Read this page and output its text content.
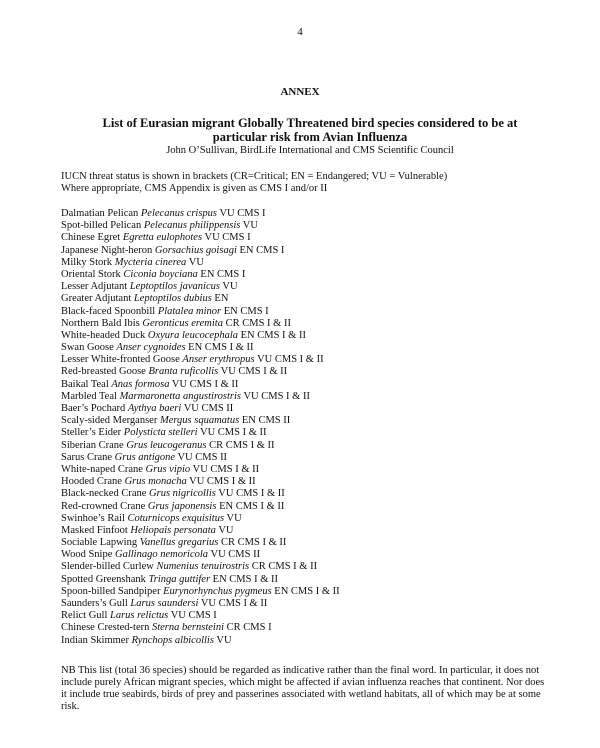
4
ANNEX
List of Eurasian migrant Globally Threatened bird species considered to be at particular risk from Avian Influenza
John O’Sullivan, BirdLife International and CMS Scientific Council
IUCN threat status is shown in brackets (CR=Critical; EN = Endangered; VU = Vulnerable)
Where appropriate, CMS Appendix is given as CMS I and/or II
Dalmatian Pelican Pelecanus crispus VU CMS I
Spot-billed Pelican Pelecanus philippensis VU
Chinese Egret Egretta eulophotes VU CMS I
Japanese Night-heron Gorsachius goisagi EN CMS I
Milky Stork Mycteria cinerea VU
Oriental Stork Ciconia boyciana EN CMS I
Lesser Adjutant Leptoptilos javanicus VU
Greater Adjutant Leptoptilos dubius EN
Black-faced Spoonbill Platalea minor EN CMS I
Northern Bald Ibis Geronticus eremita CR CMS I & II
White-headed Duck Oxyura leucocephala EN CMS I & II
Swan Goose Anser cygnoides EN CMS I & II
Lesser White-fronted Goose Anser erythropus VU CMS I & II
Red-breasted Goose Branta ruficollis VU CMS I & II
Baikal Teal Anas formosa VU CMS I & II
Marbled Teal Marmaronetta angustirostris VU CMS I & II
Baer’s Pochard Aythya baeri VU CMS II
Scaly-sided Merganser Mergus squamatus EN CMS II
Steller’s Eider Polysticta stelleri VU CMS I & II
Siberian Crane Grus leucogeranus CR CMS I & II
Sarus Crane Grus antigone VU CMS II
White-naped Crane Grus vipio VU CMS I & II
Hooded Crane Grus monacha VU CMS I & II
Black-necked Crane Grus nigricollis VU CMS I & II
Red-crowned Crane Grus japonensis EN CMS I & II
Swinhoe’s Rail Coturnicops exquisitus VU
Masked Finfoot Heliopais personata VU
Sociable Lapwing Vanellus gregarius CR CMS I & II
Wood Snipe Gallinago nemoricola VU CMS II
Slender-billed Curlew Numenius tenuirostris CR CMS I & II
Spotted Greenshank Tringa guttifer EN CMS I & II
Spoon-billed Sandpiper Eurynorhynchus pygmeus EN CMS I & II
Saunders’s Gull Larus saundersi VU CMS I & II
Relict Gull Larus relictus VU CMS I
Chinese Crested-tern Sterna bernsteini CR CMS I
Indian Skimmer Rynchops albicollis VU
NB This list (total 36 species) should be regarded as indicative rather than the final word. In particular, it does not include purely African migrant species, which might be affected if avian influenza reaches that continent. Nor does it include true seabirds, birds of prey and passerines associated with wetland habitats, all of which may be at some risk.
